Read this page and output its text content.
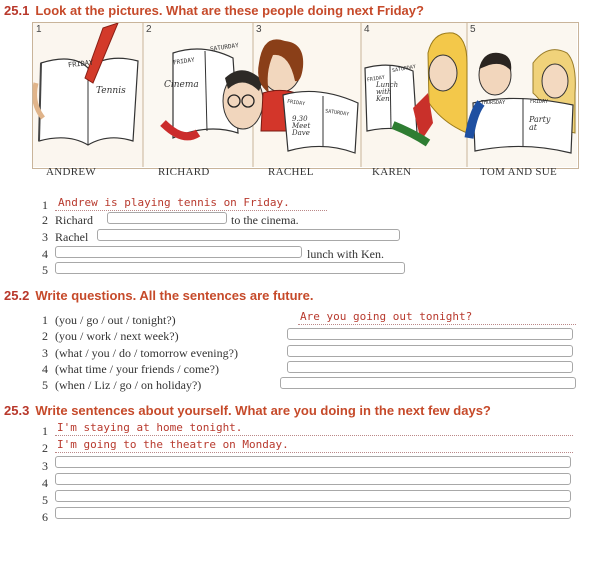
25.1 Look at the pictures. What are these people doing next Friday?
FRIDAY
Tennis
FRIDAY
SATURDAY
Cinema
FRIDAY
SATURDAY
9.30
Meet
Dave
FRIDAY
SATURDAY
Lunch
with
Ken	THURSDAY	FRIDAY
Party
at
1	2	3	4	5
ANDREW	RICHARD	RACHEL	KAREN	TOM AND SUE
1 Andrew is playing tennis on Friday.
2 Richard	to the cinema.
3 Rachel
4	lunch with Ken.
5
25.2 Write questions. All the sentences are future.
1 (you / go / out / tonight?)	Are you going out tonight?
2 (you / work / next week?)
3 (what / you / do / tomorrow evening?)
4 (what time / your friends / come?)
5 (when / Liz / go / on holiday?)
25.3 Write sentences about yourself. What are you doing in the next few days?
1 I'm staying at home tonight.
2 I'm going to the theatre on Monday.
3
4
5
6
